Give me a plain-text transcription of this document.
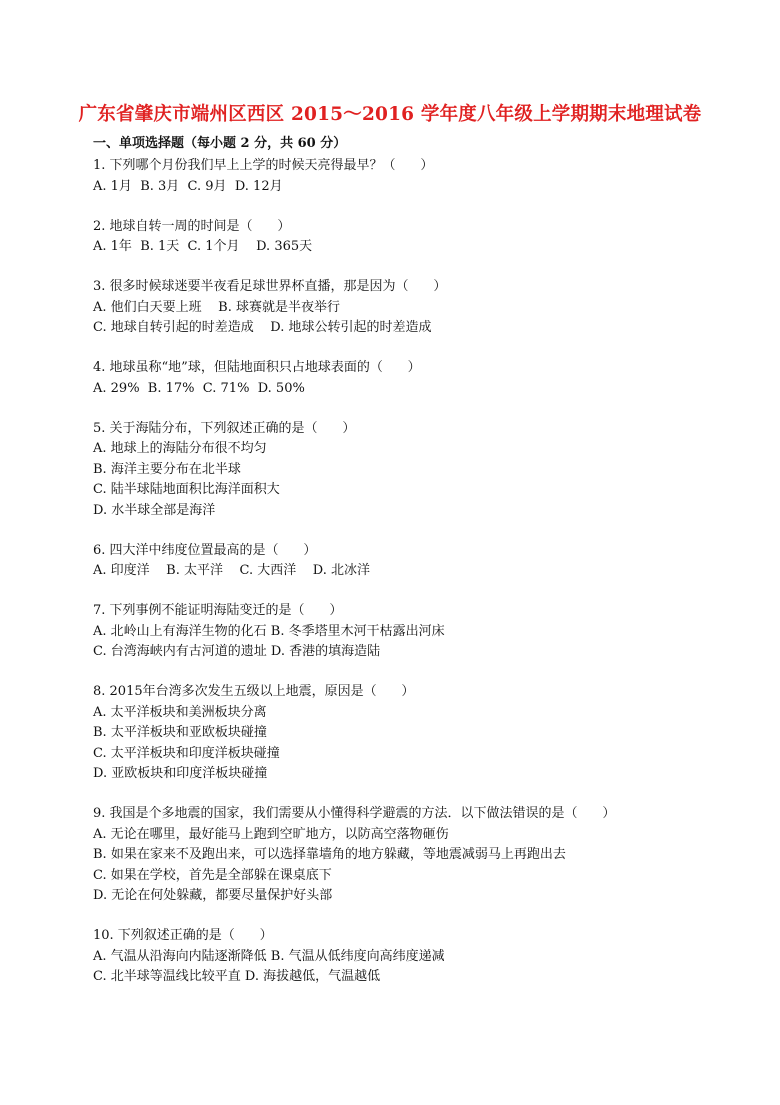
广东省肇庆市端州区西区 2015～2016 学年度八年级上学期期末地理试卷
一、单项选择题（每小题 2 分，共 60 分）
1. 下列哪个月份我们早上上学的时候天亮得最早？（      ）
A. 1月  B. 3月  C. 9月  D. 12月
2. 地球自转一周的时间是（      ）
A. 1年  B. 1天  C. 1个月    D. 365天
3. 很多时候球迷要半夜看足球世界杯直播，那是因为（      ）
A. 他们白天要上班    B. 球赛就是半夜举行
C. 地球自转引起的时差造成    D. 地球公转引起的时差造成
4. 地球虽称“地”球，但陆地面积只占地球表面的（      ）
A. 29%  B. 17%  C. 71%  D. 50%
5. 关于海陆分布，下列叙述正确的是（      ）
A. 地球上的海陆分布很不均匀
B. 海洋主要分布在北半球
C. 陆半球陆地面积比海洋面积大
D. 水半球全部是海洋
6. 四大洋中纬度位置最高的是（      ）
A. 印度洋    B. 太平洋    C. 大西洋    D. 北冰洋
7. 下列事例不能证明海陆变迁的是（      ）
A. 北岭山上有海洋生物的化石 B. 冬季塔里木河干枯露出河床
C. 台湾海峡内有古河道的遗址 D. 香港的填海造陆
8. 2015年台湾多次发生五级以上地震，原因是（      ）
A. 太平洋板块和美洲板块分离
B. 太平洋板块和亚欧板块碰撞
C. 太平洋板块和印度洋板块碰撞
D. 亚欧板块和印度洋板块碰撞
9. 我国是个多地震的国家，我们需要从小懂得科学避震的方法．以下做法错误的是（      ）
A. 无论在哪里，最好能马上跑到空旷地方，以防高空落物砸伤
B. 如果在家来不及跑出来，可以选择靠墙角的地方躲藏，等地震减弱马上再跑出去
C. 如果在学校，首先是全部躲在课桌底下
D. 无论在何处躲藏，都要尽量保护好头部
10. 下列叙述正确的是（      ）
A. 气温从沿海向内陆逐渐降低 B. 气温从低纬度向高纬度递减
C. 北半球等温线比较平直 D. 海拔越低，气温越低
